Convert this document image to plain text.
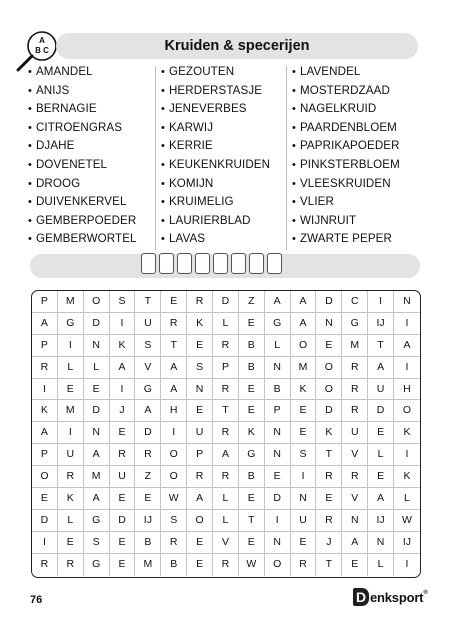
A
B C	Kruiden & specerijen
• AMANDEL
• ANIJS
• BERNAGIE
• CITROENGRAS
• DJAHE
• DOVENETEL
• DROOG
• DUIVENKERVEL
• GEMBERPOEDER
• GEMBERWORTEL
• GEZOUTEN
• HERDERSTASJE
• JENEVERBES
• KARWIJ
• KERRIE
• KEUKENKRUIDEN
• KOMIJN
• KRUIMELIG
• LAURIERBLAD
• LAVAS
• LAVENDEL
• MOSTERDZAAD
• NAGELKRUID
• PAARDENBLOEM
• PAPRIKAPOEDER
• PINKSTERBLOEM
• VLEESKRUIDEN
• VLIER
• WIJNRUIT
• ZWARTE PEPER
P	M	O	S	T	E	R	D	Z	A	A	D	C	I	N
A	G	D	I	U	R	K	L	E	G	A	N	G	IJ	I
P	I	N	K	S	T	E	R	B	L	O	E	M	T	A
R	L	L	A	V	A	S	P	B	N	M	O	R	A	I
I	E	E	I	G	A	N	R	E	B	K	O	R	U	H
K	M	D	J	A	H	E	T	E	P	E	D	R	D	O
A	I	N	E	D	I	U	R	K	N	E	K	U	E	K
P	U	A	R	R	O	P	A	G	N	S	T	V	L	I
O	R	M	U	Z	O	R	R	B	E	I	R	R	E	K
E	K	A	E	E	W	A	L	E	D	N	E	V	A	L
D	L	G	D	IJ	S	O	L	T	I	U	R	N	IJ	W
I	E	S	E	B	R	E	V	E	N	E	J	A	N	IJ
R	R	G	E	M	B	E	R	W	O	R	T	E	L	I
76	D enksport®
